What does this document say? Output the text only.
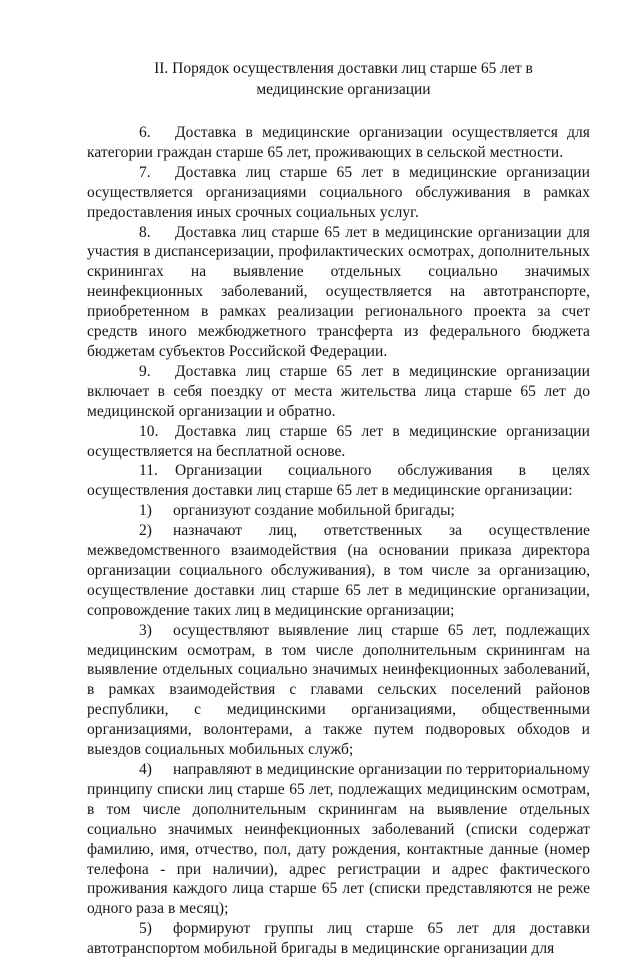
II. Порядок осуществления доставки лиц старше 65 лет в
медицинские организации

6. Доставка в медицинские организации осуществляется для категории граждан старше 65 лет, проживающих в сельской местности.

7. Доставка лиц старше 65 лет в медицинские организации осуществляется организациями социального обслуживания в рамках предоставления иных срочных социальных услуг.

8. Доставка лиц старше 65 лет в медицинские организации для участия в диспансеризации, профилактических осмотрах, дополнительных скринингах на выявление отдельных социально значимых неинфекционных заболеваний, осуществляется на автотранспорте, приобретенном в рамках реализации регионального проекта за счет средств иного межбюджетного трансферта из федерального бюджета бюджетам субъектов Российской Федерации.

9. Доставка лиц старше 65 лет в медицинские организации включает в себя поездку от места жительства лица старше 65 лет до медицинской организации и обратно.

10. Доставка лиц старше 65 лет в медицинские организации осуществляется на бесплатной основе.

11. Организации социального обслуживания в целях осуществления доставки лиц старше 65 лет в медицинские организации:

1) организуют создание мобильной бригады;

2) назначают лиц, ответственных за осуществление межведомственного взаимодействия (на основании приказа директора организации социального обслуживания), в том числе за организацию, осуществление доставки лиц старше 65 лет в медицинские организации, сопровождение таких лиц в медицинские организации;

3) осуществляют выявление лиц старше 65 лет, подлежащих медицинским осмотрам, в том числе дополнительным скринингам на выявление отдельных социально значимых неинфекционных заболеваний, в рамках взаимодействия с главами сельских поселений районов республики, с медицинскими организациями, общественными организациями, волонтерами, а также путем подворовых обходов и выездов социальных мобильных служб;

4) направляют в медицинские организации по территориальному принципу списки лиц старше 65 лет, подлежащих медицинским осмотрам, в том числе дополнительным скринингам на выявление отдельных социально значимых неинфекционных заболеваний (списки содержат фамилию, имя, отчество, пол, дату рождения, контактные данные (номер телефона - при наличии), адрес регистрации и адрес фактического проживания каждого лица старше 65 лет (списки представляются не реже одного раза в месяц);

5) формируют группы лиц старше 65 лет для доставки автотранспортом мобильной бригады в медицинские организации для
